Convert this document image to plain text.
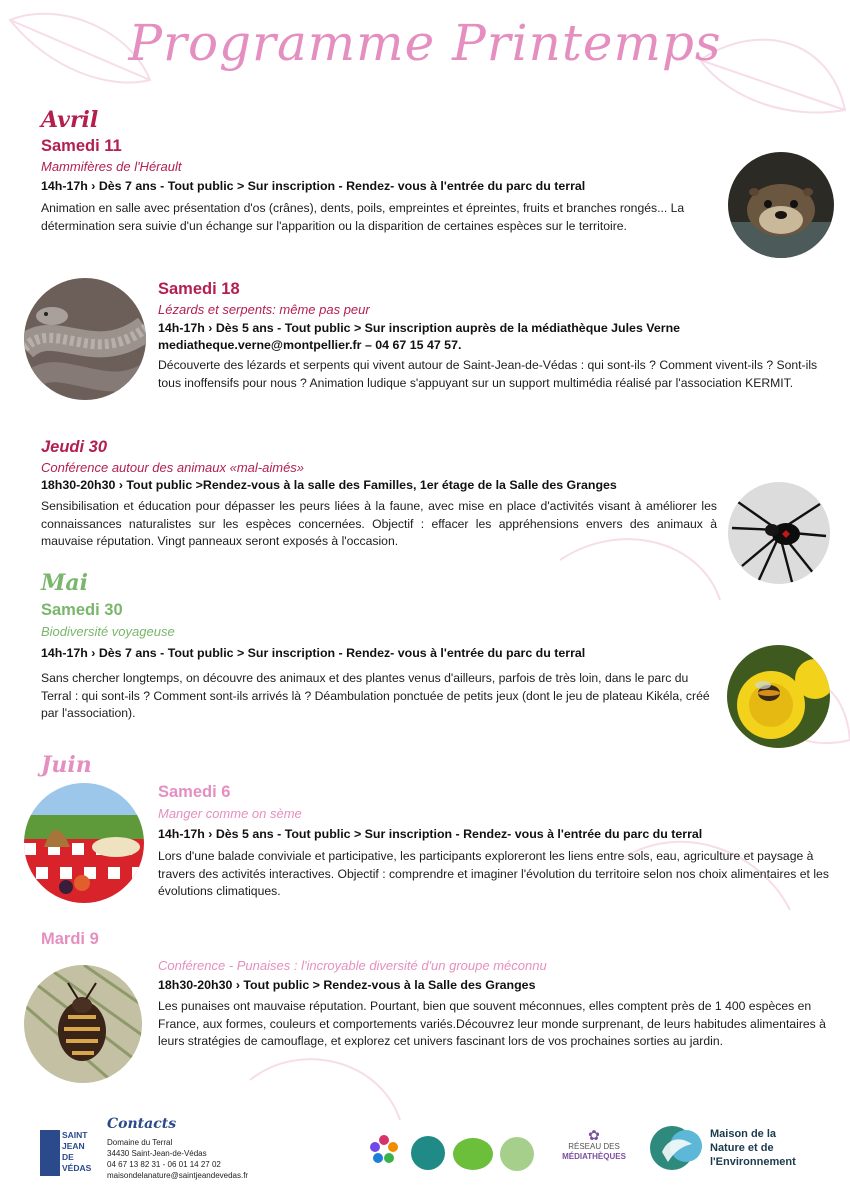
Programme Printemps
Avril
Samedi 11
Mammifères de l'Hérault
14h-17h › Dès 7 ans - Tout public > Sur inscription - Rendez- vous à l'entrée du parc du terral
Animation en salle avec présentation d'os (crânes), dents, poils, empreintes et épreintes, fruits et branches rongés... La détermination sera suivie d'un échange sur l'apparition ou la disparition de certaines espèces sur le territoire.
Samedi 18
Lézards et serpents: même pas peur
14h-17h › Dès 5 ans - Tout public > Sur inscription auprès de la médiathèque Jules Verne
mediatheque.verne@montpellier.fr – 04 67 15 47 57.
Découverte des lézards et serpents qui vivent autour de Saint-Jean-de-Védas : qui sont-ils ? Comment vivent-ils ? Sont-ils tous inoffensifs pour nous ? Animation ludique s'appuyant sur un support multimédia réalisé par l'association KERMIT.
Jeudi 30
Conférence autour des animaux «mal-aimés»
18h30-20h30 › Tout public >Rendez-vous à la salle des Familles, 1er étage de la Salle des Granges
Sensibilisation et éducation pour dépasser les peurs liées à la faune, avec mise en place d'activités visant à améliorer les connaissances naturalistes sur les espèces concernées. Objectif : effacer les appréhensions envers des animaux à mauvaise réputation. Vingt panneaux seront exposés à l'occasion.
Mai
Samedi 30
Biodiversité voyageuse
14h-17h › Dès 7 ans - Tout public > Sur inscription - Rendez- vous à l'entrée du parc du terral
Sans chercher longtemps, on découvre des animaux et des plantes venus d'ailleurs, parfois de très loin, dans le parc du Terral : qui sont-ils ? Comment sont-ils arrivés là ? Déambulation ponctuée de petits jeux (dont le jeu de plateau Kikéla, créé par l'association).
Juin
Samedi 6
Manger comme on sème
14h-17h › Dès 5 ans - Tout public > Sur inscription - Rendez- vous à l'entrée du parc du terral
Lors d'une balade conviviale et participative, les participants exploreront les liens entre sols, eau, agriculture et paysage à travers des activités interactives. Objectif : comprendre et imaginer l'évolution du territoire selon nos choix alimentaires et les évolutions climatiques.
Mardi 9
Conférence - Punaises : l'incroyable diversité d'un groupe méconnu
18h30-20h30 › Tout public > Rendez-vous à la Salle des Granges
Les punaises ont mauvaise réputation. Pourtant, bien que souvent méconnues, elles comptent près de 1 400 espèces en France, aux formes, couleurs et comportements variés.Découvrez leur monde surprenant, de leurs habitudes alimentaires à leurs stratégies de camouflage, et explorez cet univers fascinant lors de vos prochaines sorties au jardin.
SAINT
JEAN
DE
VÉDAS
Contacts
Domaine du Terral
34430 Saint-Jean-de-Védas
04 67 13 82 31 - 06 01 14 27 02
maisondelanature@saintjeandevedas.fr
✿
RÉSEAU DES
MÉDIATHÈQUES
Maison de la
Nature et de
l'Environnement
